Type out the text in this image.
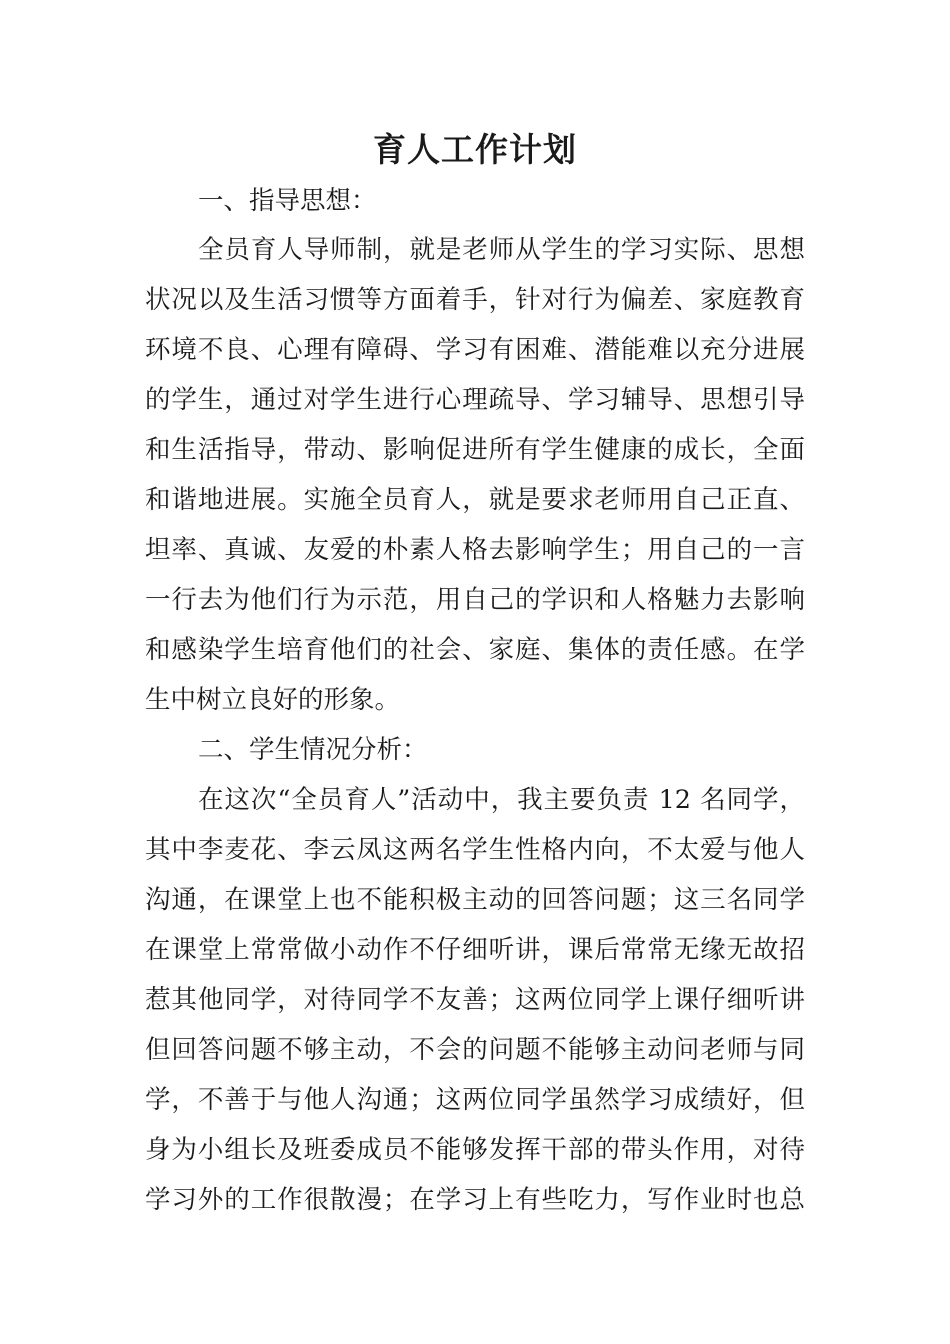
育人工作计划

一、指导思想：

全员育人导师制，就是老师从学生的学习实际、思想

状况以及生活习惯等方面着手，针对行为偏差、家庭教育

环境不良、心理有障碍、学习有困难、潜能难以充分进展

的学生，通过对学生进行心理疏导、学习辅导、思想引导

和生活指导，带动、影响促进所有学生健康的成长，全面

和谐地进展。实施全员育人，就是要求老师用自己正直、

坦率、真诚、友爱的朴素人格去影响学生；用自己的一言

一行去为他们行为示范，用自己的学识和人格魅力去影响

和感染学生培育他们的社会、家庭、集体的责任感。在学

生中树立良好的形象。

二、学生情况分析：

在这次“全员育人”活动中，我主要负责 12 名同学，

其中李麦花、李云凤这两名学生性格内向，不太爱与他人

沟通，在课堂上也不能积极主动的回答问题；这三名同学

在课堂上常常做小动作不仔细听讲，课后常常无缘无故招

惹其他同学，对待同学不友善；这两位同学上课仔细听讲

但回答问题不够主动，不会的问题不能够主动问老师与同

学，不善于与他人沟通；这两位同学虽然学习成绩好，但

身为小组长及班委成员不能够发挥干部的带头作用，对待

学习外的工作很散漫；在学习上有些吃力，写作业时也总
